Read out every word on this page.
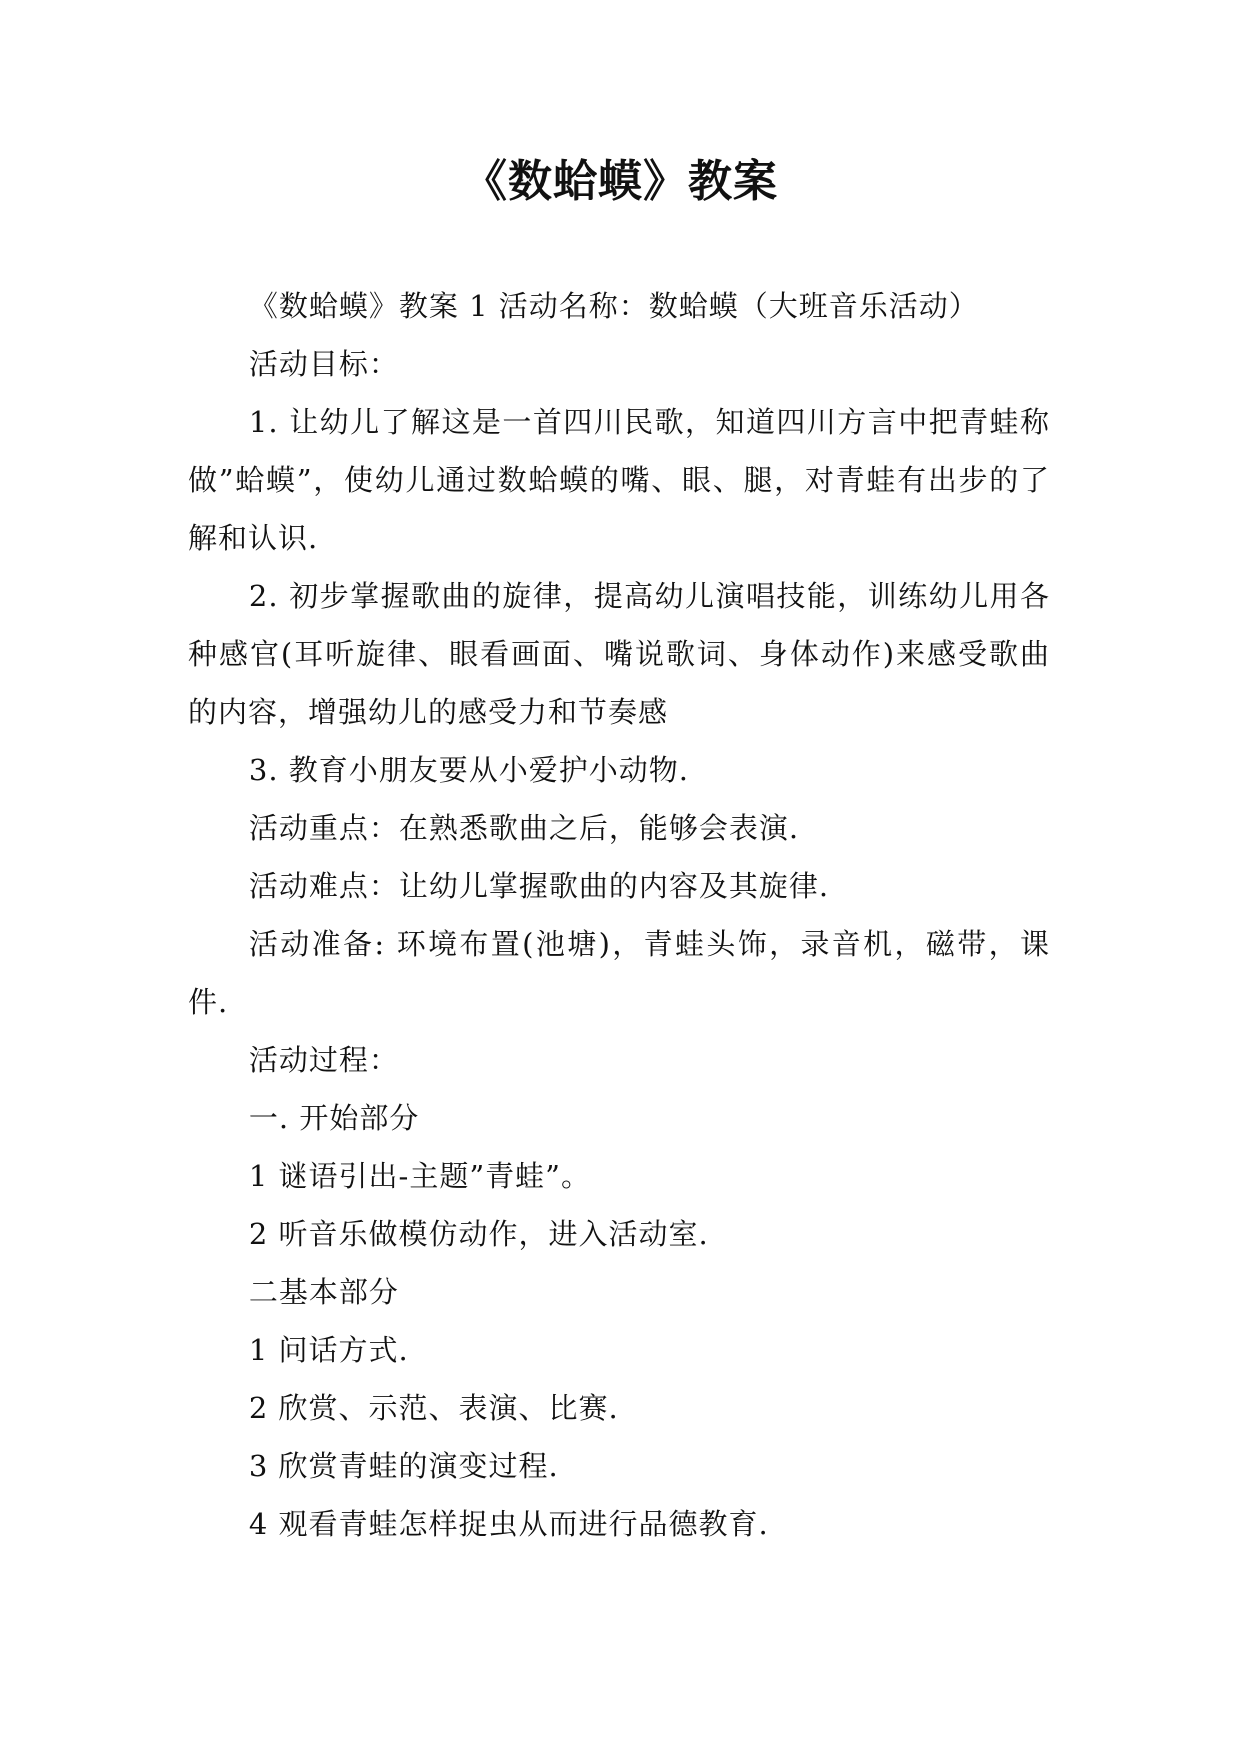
《数蛤蟆》教案

《数蛤蟆》教案 1 活动名称：数蛤蟆（大班音乐活动）

活动目标：

1. 让幼儿了解这是一首四川民歌，知道四川方言中把青蛙称做”蛤蟆”，使幼儿通过数蛤蟆的嘴、眼、腿，对青蛙有出步的了解和认识.

2. 初步掌握歌曲的旋律，提高幼儿演唱技能，训练幼儿用各种感官(耳听旋律、眼看画面、嘴说歌词、身体动作)来感受歌曲的内容，增强幼儿的感受力和节奏感

3. 教育小朋友要从小爱护小动物.

活动重点：在熟悉歌曲之后，能够会表演.

活动难点：让幼儿掌握歌曲的内容及其旋律.

活动准备: 环境布置(池塘)，青蛙头饰，录音机，磁带，课件.

活动过程：

一. 开始部分

1 谜语引出-主题”青蛙”。

2 听音乐做模仿动作，进入活动室.

二基本部分

1 问话方式.

2 欣赏、示范、表演、比赛.

3 欣赏青蛙的演变过程.

4 观看青蛙怎样捉虫从而进行品德教育.
